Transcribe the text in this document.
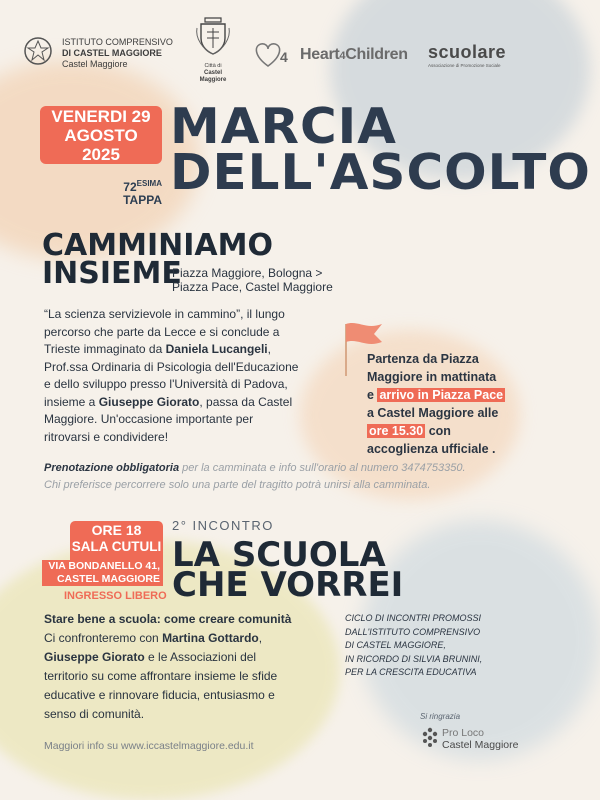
ISTITUTO COMPRENSIVO
DI CASTEL MAGGIORE
Castel Maggiore	Città di
Castel Maggiore
4 Heart4Children scuolare
Associazione di Promozione Sociale
VENERDI 29
AGOSTO
2025
$72^{ESIMA}$
TAPPA
MARCIA
DELL'ASCOLTO
CAMMINIAMO
INSIEME
Piazza Maggiore, Bologna >
Piazza Pace, Castel Maggiore
“La scienza servizievole in cammino”, il lungo
percorso che parte da Lecce e si conclude a
Trieste immaginato da Daniela Lucangeli,
Prof.ssa Ordinaria di Psicologia dell'Educazione
e dello sviluppo presso l'Università di Padova,
insieme a Giuseppe Giorato, passa da Castel
Maggiore. Un'occasione importante per
ritrovarsi e condividere!
Partenza da Piazza
Maggiore in mattinata
e arrivo in Piazza Pace
a Castel Maggiore alle
ore 15.30 con
accoglienza ufficiale .
Prenotazione obbligatoria per la camminata e info sull'orario al numero 3474753350.
Chi preferisce percorrere solo una parte del tragitto potrà unirsi alla camminata.
ORE 18
SALA CUTULI
VIA BONDANELLO 41,
CASTEL MAGGIORE
INGRESSO LIBERO
2° INCONTRO
LA SCUOLA
CHE VORREI
Stare bene a scuola: come creare comunità
Ci confronteremo con Martina Gottardo,
Giuseppe Giorato e le Associazioni del
territorio su come affrontare insieme le sfide
educative e rinnovare fiducia, entusiasmo e
senso di comunità.
CICLO DI INCONTRI PROMOSSI
DALL'ISTITUTO COMPRENSIVO
DI CASTEL MAGGIORE,
IN RICORDO DI SILVIA BRUNINI,
PER LA CRESCITA EDUCATIVA
Maggiori info su www.iccastelmaggiore.edu.it
Si ringrazia
Pro Loco
Castel Maggiore
